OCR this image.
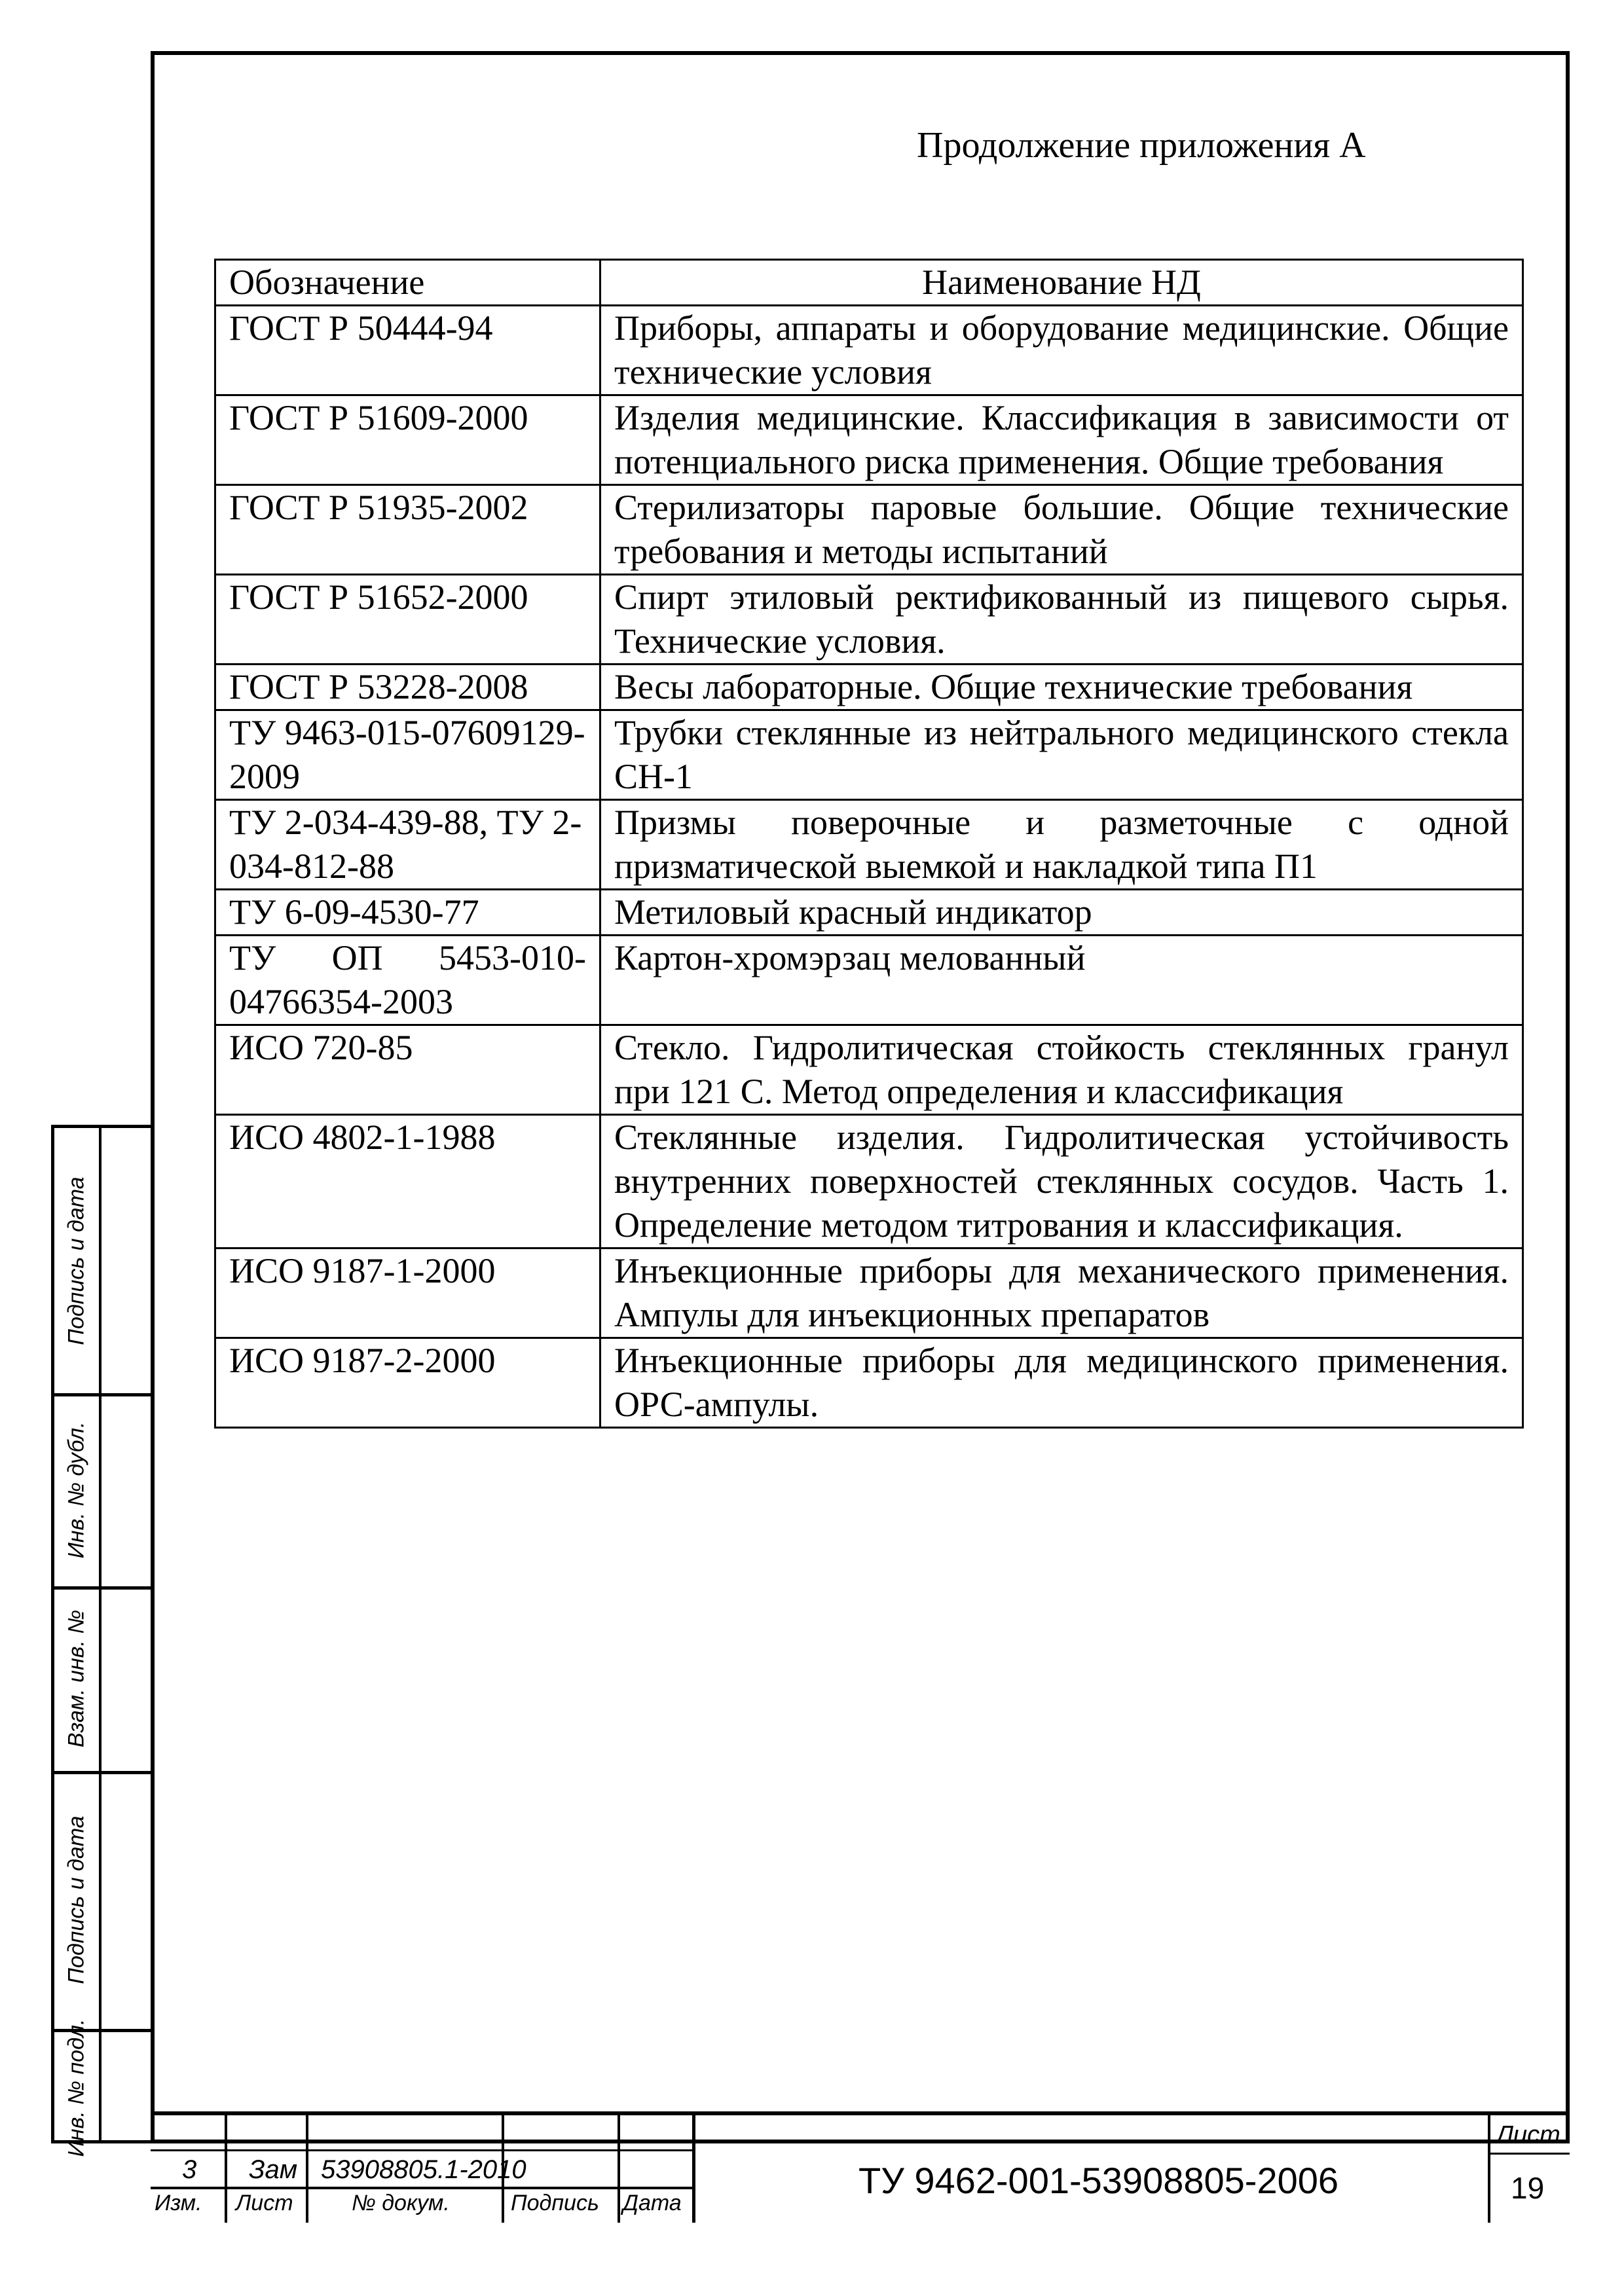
Продолжение приложения А
Обозначение	Наименование НД
ГОСТ Р 50444-94	Приборы, аппараты и оборудование медицинские. Общие технические условия
ГОСТ Р 51609-2000	Изделия медицинские. Классификация в зависимости от потенциального риска применения. Общие требования
ГОСТ Р 51935-2002	Стерилизаторы паровые большие. Общие технические требования и методы испытаний
ГОСТ Р 51652-2000	Спирт этиловый ректификованный из пищевого сырья. Технические условия.
ГОСТ Р 53228-2008	Весы лабораторные. Общие технические требования
ТУ 9463-015-07609129-2009	Трубки стеклянные из нейтрального медицинского стекла СН-1
ТУ 2-034-439-88, ТУ 2-034-812-88	Призмы поверочные и разметочные с одной призматической выемкой и накладкой типа П1
ТУ 6-09-4530-77	Метиловый красный индикатор
ТУ ОП 5453-010-04766354-2003	Картон-хромэрзац мелованный
ИСО 720-85	Стекло. Гидролитическая стойкость стеклянных гранул при 121 С. Метод определения и классификация
ИСО 4802-1-1988	Стеклянные изделия. Гидролитическая устойчивость внутренних поверхностей стеклянных сосудов. Часть 1. Определение методом титрования и классификация.
ИСО 9187-1-2000	Инъекционные приборы для механического применения. Ампулы для инъекционных препаратов
ИСО 9187-2-2000	Инъекционные приборы для медицинского применения. ОРС-ампулы.
Подпись и дата
Инв. № дубл.
Взам. инв. №
Подпись и дата
Инв. № подл.
3 Зам 53908805.1-2010
Изм. Лист	№ докум.	Подпись Дата
ТУ 9462-001-53908805-2006
Лист
19
